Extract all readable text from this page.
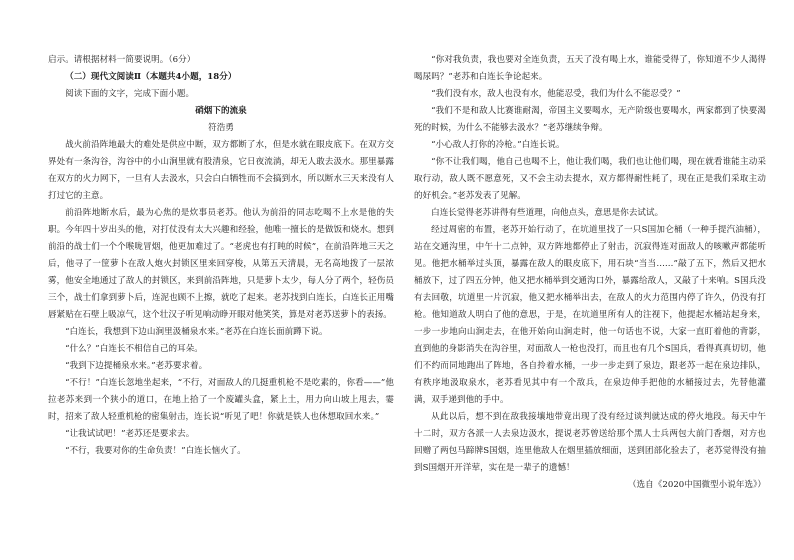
启示。请根据材料一简要说明。（6分）

（二）现代文阅读Ⅱ（本题共4小题，18分）

阅读下面的文字，完成下面小题。

硝烟下的流泉

符浩勇

战火前沿阵地最大的难处是供应中断，双方都断了水，但是水就在眼皮底下。在双方交界处有一条沟谷，沟谷中的小山涧里就有股清泉，它日夜流淌，却无人敢去汲水。那里暴露在双方的火力网下，一旦有人去汲水，只会白白牺牲而不会搞到水，所以断水三天来没有人打过它的主意。

前沿阵地断水后，最为心焦的是炊事员老苏。他认为前沿的同志吃喝不上水是他的失职。今年四十岁出头的他，对打仗没有太大兴趣和经验，他唯一擅长的是做饭和烧水。想到前沿的战士们一个个喉咙冒烟，他更加难过了。“老虎也有打盹的时候”，在前沿阵地三天之后，他寻了一筐萝卜在敌人炮火封锁区里来回穿梭，从第五天清晨，无名高地拨了一层浓雾，他安全地通过了敌人的封锁区，来到前沿阵地，只是萝卜太少，每人分了两个，轻伤员三个，战士们拿到萝卜后，连泥也顾不上擦，就吃了起来。老苏找到白连长，白连长正用嘴唇紧贴在石壁上吸凉气，这个壮汉子听见响动睁开眼对他笑笑，算是对老苏送萝卜的表扬。

“白连长，我想到下边山涧里汲桶泉水来。”老苏在白连长面前蹲下说。

“什么？”白连长不相信自己的耳朵。

“我到下边提桶泉水来。”老苏要求着。

“不行！”白连长忽地坐起来，“不行，对面敌人的几挺重机枪不是吃素的，你看——”他拉老苏来到一个狭小的道口，在地上拾了一个废罐头盒，紧上土，用力向山坡上甩去，霎时，招来了敌人轻重机枪的密集射击，连长说“听见了吧！你就是铁人也休想取回水来。”

“让我试试吧！”老苏还是要求去。

“不行，我要对你的生命负责！”白连长恼火了。

“你对我负责，我也要对全连负责，五天了没有喝上水，谁能受得了，你知道不少人渴得喝尿吗？”老苏和白连长争论起来。

“我们没有水，敌人也没有水，他能忍受，我们为什么不能忍受？”

“我们不是和敌人比赛谁耐渴，帝国主义要喝水，无产阶级也要喝水，两家都到了快要渴死的时候，为什么不能够去汲水？”老苏继续争辩。

“小心敌人打你的冷枪。”白连长说。

“你不让我们喝，他自己也喝不上，他让我们喝，我们也让他们喝，现在就看谁能主动采取行动，敌人既不愿意死，又不会主动去提水，双方都得耐性耗了，现在正是我们采取主动的好机会。”老苏发表了见解。

白连长觉得老苏讲得有些道理，向他点头，意思是你去试试。

经过周密的布置，老苏开始行动了，在坑道里找了一只S国加仑桶（一种手提汽油桶），站在交通沟里，中午十二点钟，双方阵地都停止了射击，沉寂得连对面敌人的咳嗽声都能听见。他把水桶举过头顶，暴露在敌人的眼皮底下，用石块“当当……”敲了五下，然后又把水桶放下，过了四五分钟，他又把水桶举到交通沟口外，暴露给敌人，又敲了十来响。S国兵没有去回敬，坑道里一片沉寂，他又把水桶举出去，在敌人的火力范围内停了许久，仍没有打枪。他知道敌人明白了他的意思，于是，在坑道里所有人的注视下，他提起水桶站起身来，一步一步地向山涧走去，在他开始向山涧走时，他一句话也不说，大家一直盯着他的背影，直到他的身影消失在沟谷里，对面敌人一枪也没打，而且也有几个S国兵，看得真真切切，他们不约而同地跑出了阵地，各自拎着水桶，一步一步走到了泉边，跟老苏一起在泉边排队，有秩序地汲取泉水，老苏看见其中有一个敌兵，在泉边伸手把他的水桶接过去，先替他灌满，双手递到他的手中。

从此以后，想不到在敌我接壤地带竟出现了没有经过谈判就达成的停火地段。每天中午十二时，双方各派一人去泉边汲水，提说老苏曾送给那个黑人士兵两包大前门香烟，对方也回赠了两包马蹄牌S国烟，连里他敌人在烟里插放细面，送到团部化验去了，老苏觉得没有抽到S国烟开开洋荤，实在是一辈子的遗憾！

（选自《2020中国微型小说年选》）
